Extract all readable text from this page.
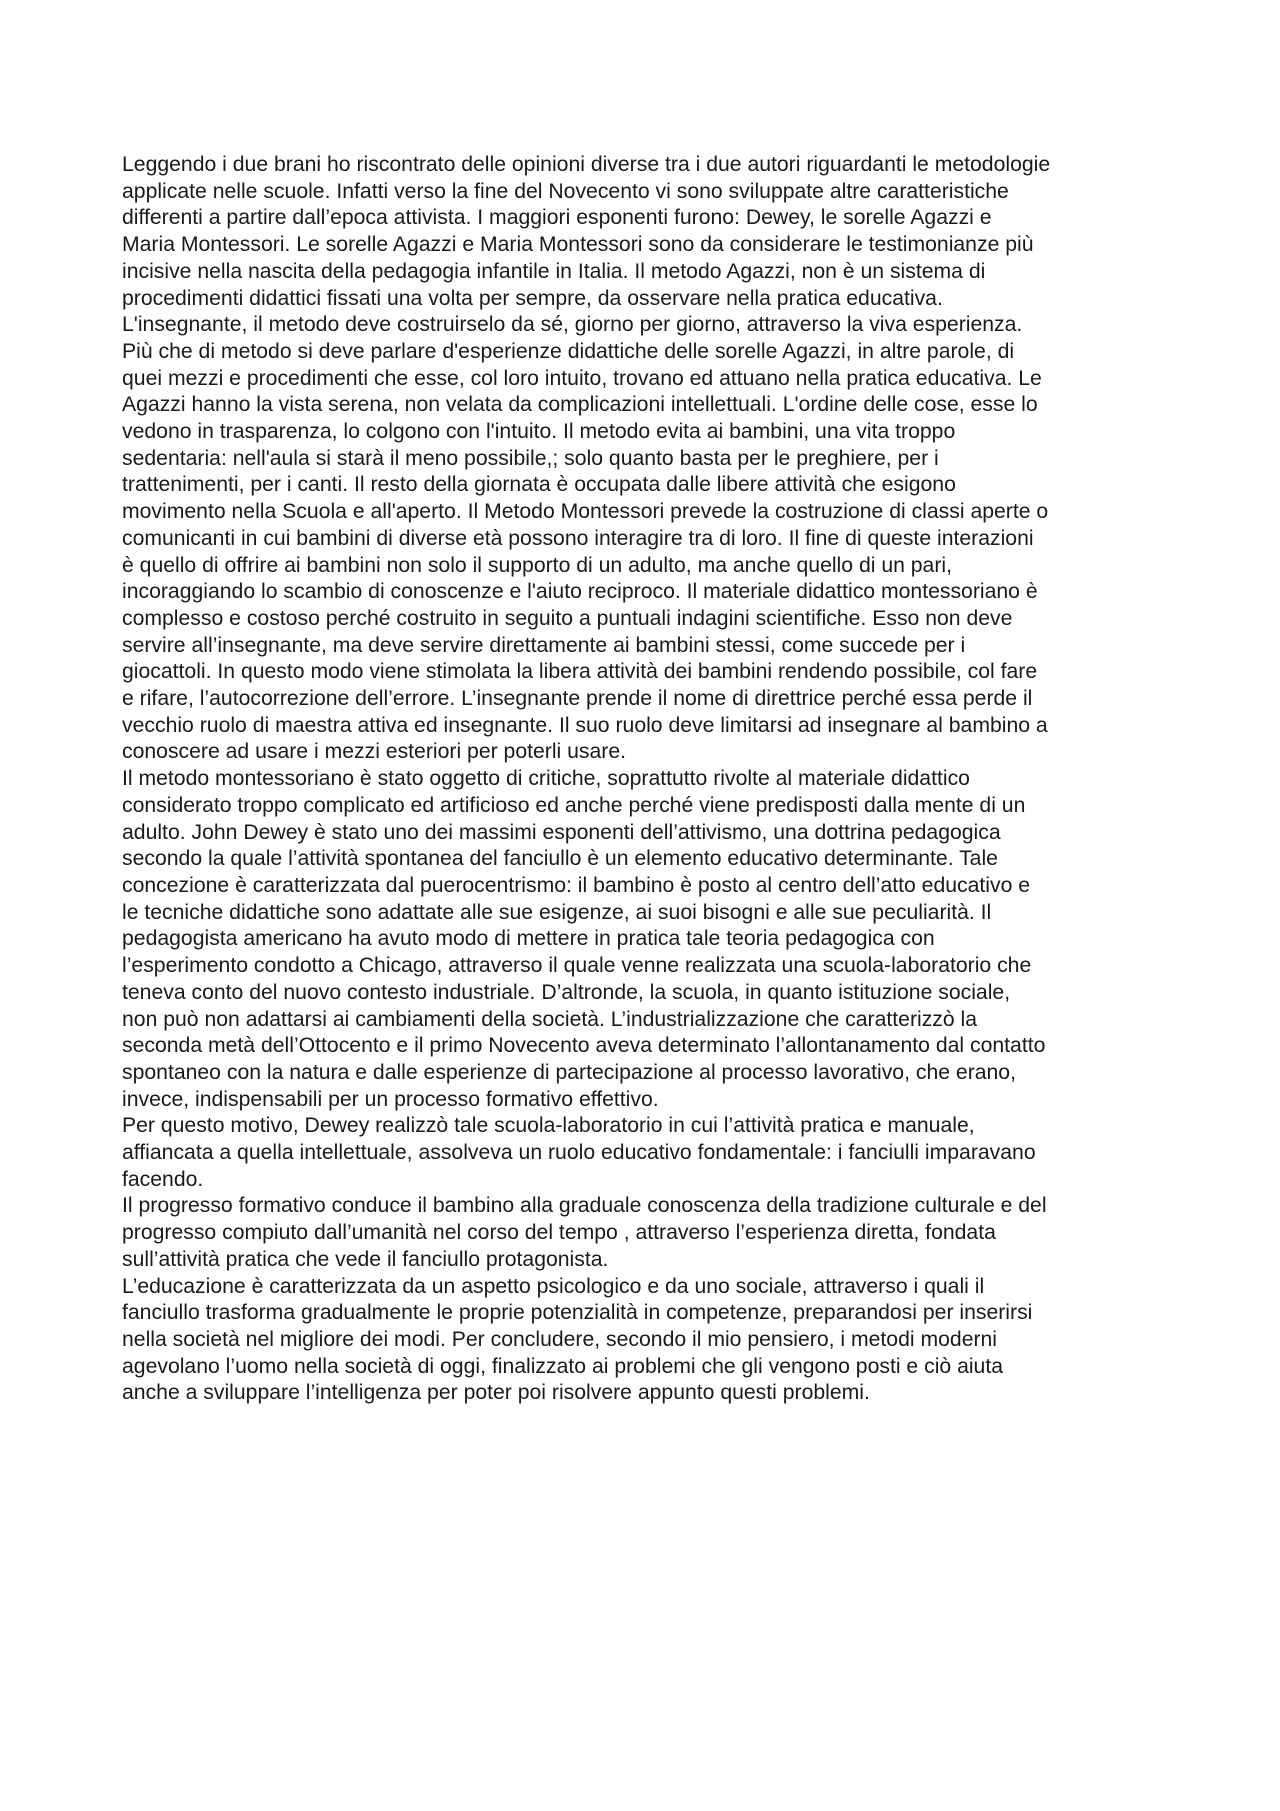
Leggendo i due brani ho riscontrato delle opinioni diverse tra i due autori riguardanti le metodologie
applicate nelle scuole. Infatti verso la fine del Novecento vi sono sviluppate altre caratteristiche
differenti a partire dall’epoca attivista. I maggiori esponenti furono: Dewey, le sorelle Agazzi e
Maria Montessori. Le sorelle Agazzi e Maria Montessori sono da considerare le testimonianze più
incisive nella nascita della pedagogia infantile in Italia. Il metodo Agazzi, non è un sistema di
procedimenti didattici fissati una volta per sempre, da osservare nella pratica educativa.
L'insegnante, il metodo deve costruirselo da sé, giorno per giorno, attraverso la viva esperienza.
Più che di metodo si deve parlare d'esperienze didattiche delle sorelle Agazzi, in altre parole, di
quei mezzi e procedimenti che esse, col loro intuito, trovano ed attuano nella pratica educativa. Le
Agazzi hanno la vista serena, non velata da complicazioni intellettuali. L'ordine delle cose, esse lo
vedono in trasparenza, lo colgono con l'intuito. Il metodo evita ai bambini, una vita troppo
sedentaria: nell'aula si starà il meno possibile,; solo quanto basta per le preghiere, per i
trattenimenti, per i canti. Il resto della giornata è occupata dalle libere attività che esigono
movimento nella Scuola e all'aperto. Il Metodo Montessori prevede la costruzione di classi aperte o
comunicanti in cui bambini di diverse età possono interagire tra di loro. Il fine di queste interazioni
è quello di offrire ai bambini non solo il supporto di un adulto, ma anche quello di un pari,
incoraggiando lo scambio di conoscenze e l'aiuto reciproco. Il materiale didattico montessoriano è
complesso e costoso perché costruito in seguito a puntuali indagini scientifiche. Esso non deve
servire all’insegnante, ma deve servire direttamente ai bambini stessi, come succede per i
giocattoli. In questo modo viene stimolata la libera attività dei bambini rendendo possibile, col fare
e rifare, l’autocorrezione dell’errore. L’insegnante prende il nome di direttrice perché essa perde il
vecchio ruolo di maestra attiva ed insegnante. Il suo ruolo deve limitarsi ad insegnare al bambino a
conoscere ad usare i mezzi esteriori per poterli usare.
Il metodo montessoriano è stato oggetto di critiche, soprattutto rivolte al materiale didattico
considerato troppo complicato ed artificioso ed anche perché viene predisposti dalla mente di un
adulto. John Dewey è stato uno dei massimi esponenti dell’attivismo, una dottrina pedagogica
secondo la quale l’attività spontanea del fanciullo è un elemento educativo determinante. Tale
concezione è caratterizzata dal puerocentrismo: il bambino è posto al centro dell’atto educativo e
le tecniche didattiche sono adattate alle sue esigenze, ai suoi bisogni e alle sue peculiarità. Il
pedagogista americano ha avuto modo di mettere in pratica tale teoria pedagogica con
l’esperimento condotto a Chicago, attraverso il quale venne realizzata una scuola-laboratorio che
teneva conto del nuovo contesto industriale. D’altronde, la scuola, in quanto istituzione sociale,
non può non adattarsi ai cambiamenti della società. L’industrializzazione che caratterizzò la
seconda metà dell’Ottocento e il primo Novecento aveva determinato l’allontanamento dal contatto
spontaneo con la natura e dalle esperienze di partecipazione al processo lavorativo, che erano,
invece, indispensabili per un processo formativo effettivo.
Per questo motivo, Dewey realizzò tale scuola-laboratorio in cui l’attività pratica e manuale,
affiancata a quella intellettuale, assolveva un ruolo educativo fondamentale: i fanciulli imparavano
facendo.
Il progresso formativo conduce il bambino alla graduale conoscenza della tradizione culturale e del
progresso compiuto dall’umanità nel corso del tempo , attraverso l’esperienza diretta, fondata
sull’attività pratica che vede il fanciullo protagonista.
L’educazione è caratterizzata da un aspetto psicologico e da uno sociale, attraverso i quali il
fanciullo trasforma gradualmente le proprie potenzialità in competenze, preparandosi per inserirsi
nella società nel migliore dei modi. Per concludere, secondo il mio pensiero, i metodi moderni
agevolano l’uomo nella società di oggi, finalizzato ai problemi che gli vengono posti e ciò aiuta
anche a sviluppare l’intelligenza per poter poi risolvere appunto questi problemi.
